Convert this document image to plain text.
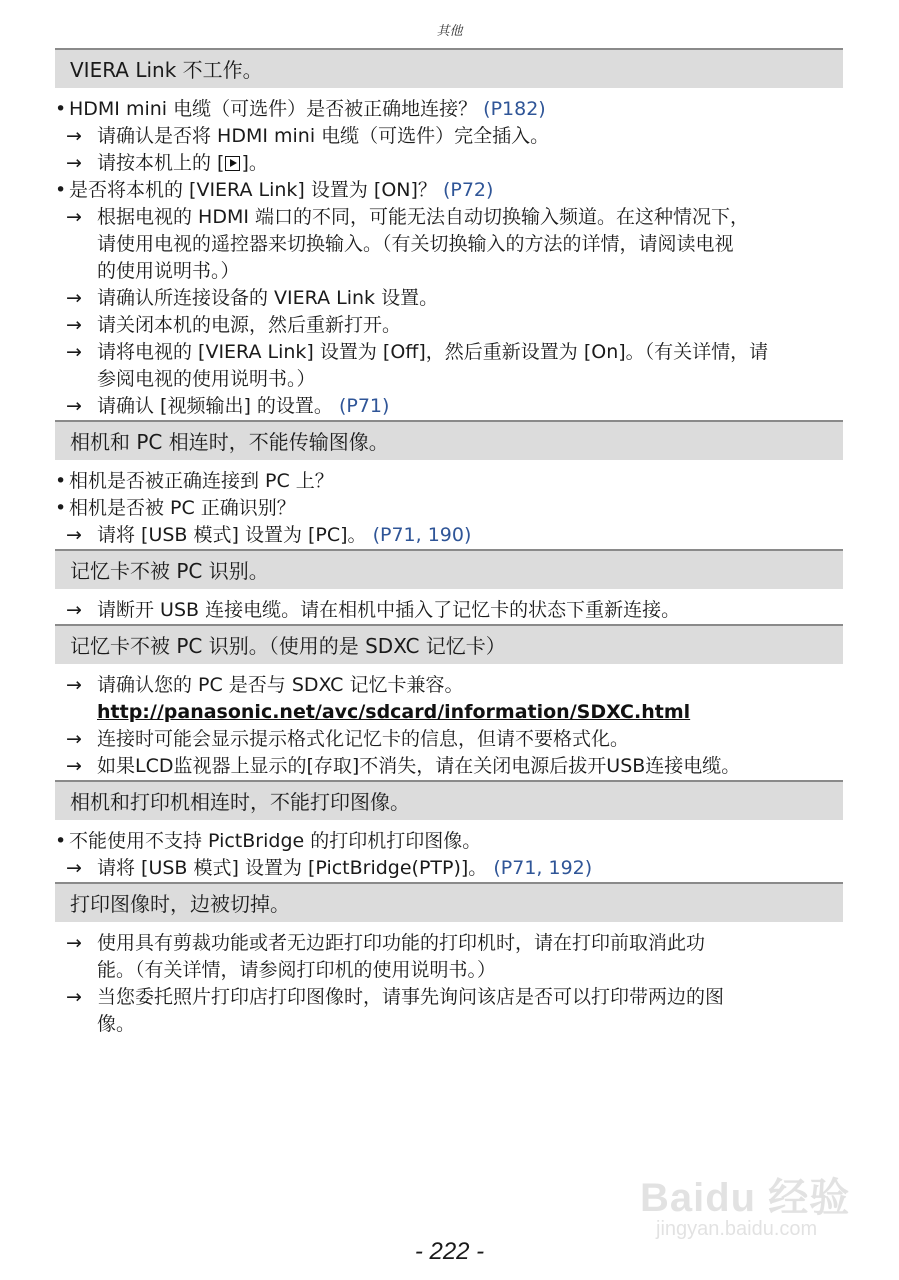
其他
VIERA Link 不工作。
• HDMI mini 电缆（可选件）是否被正确地连接？ (P182)
→ 请确认是否将 HDMI mini 电缆（可选件）完全插入。
→ 请按本机上的 [ ]。
• 是否将本机的 [VIERA Link] 设置为 [ON]？ (P72)
→ 根据电视的 HDMI 端口的不同，可能无法自动切换输入频道。在这种情况下，
请使用电视的遥控器来切换输入。（有关切换输入的方法的详情，请阅读电视
的使用说明书。）
→ 请确认所连接设备的 VIERA Link 设置。
→ 请关闭本机的电源，然后重新打开。
→ 请将电视的 [VIERA Link] 设置为 [Off]，然后重新设置为 [On]。（有关详情，请
参阅电视的使用说明书。）
→ 请确认 [视频输出] 的设置。 (P71)
相机和 PC 相连时，不能传输图像。
• 相机是否被正确连接到 PC 上？
• 相机是否被 PC 正确识别？
→ 请将 [USB 模式] 设置为 [PC]。 (P71, 190)
记忆卡不被 PC 识别。
→ 请断开 USB 连接电缆。请在相机中插入了记忆卡的状态下重新连接。
记忆卡不被 PC 识别。（使用的是 SDXC 记忆卡）
→ 请确认您的 PC 是否与 SDXC 记忆卡兼容。
http://panasonic.net/avc/sdcard/information/SDXC.html
→ 连接时可能会显示提示格式化记忆卡的信息，但请不要格式化。
→ 如果LCD监视器上显示的[存取]不消失，请在关闭电源后拔开USB连接电缆。
相机和打印机相连时，不能打印图像。
• 不能使用不支持 PictBridge 的打印机打印图像。
→ 请将 [USB 模式] 设置为 [PictBridge(PTP)]。 (P71, 192)
打印图像时，边被切掉。
→ 使用具有剪裁功能或者无边距打印功能的打印机时，请在打印前取消此功
能。（有关详情，请参阅打印机的使用说明书。）
→ 当您委托照片打印店打印图像时，请事先询问该店是否可以打印带两边的图
像。
- 222 -
Baidu 经验
jingyan.baidu.com
